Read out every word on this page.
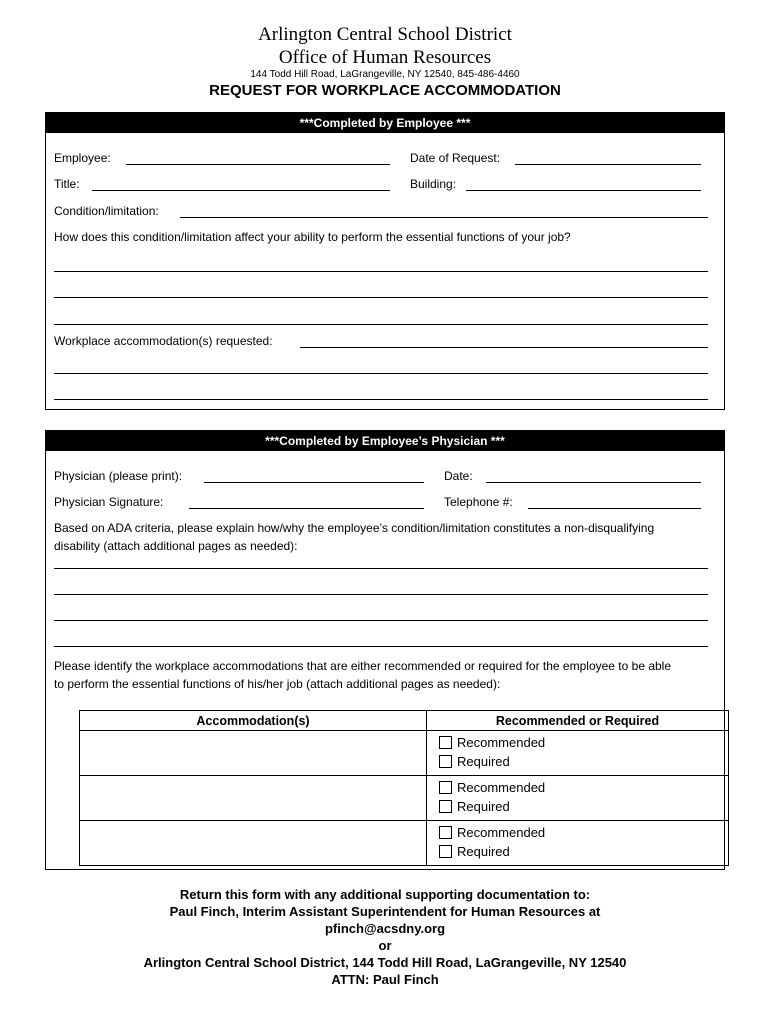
Arlington Central School District
Office of Human Resources
144 Todd Hill Road, LaGrangeville, NY 12540, 845-486-4460
REQUEST FOR WORKPLACE ACCOMMODATION
***Completed by Employee ***
Employee:	Date of Request:
Title:	Building:
Condition/limitation:
How does this condition/limitation affect your ability to perform the essential functions of your job?
Workplace accommodation(s) requested:
***Completed by Employee’s Physician ***
Physician (please print):	Date:
Physician Signature:	Telephone #:
Based on ADA criteria, please explain how/why the employee’s condition/limitation constitutes a non-disqualifying
disability (attach additional pages as needed):
Please identify the workplace accommodations that are either recommended or required for the employee to be able
to perform the essential functions of his/her job (attach additional pages as needed):
Accommodation(s)	Recommended or Required

	Recommended
Required

	Recommended
Required

	Recommended
Required
Return this form with any additional supporting documentation to:
Paul Finch, Interim Assistant Superintendent for Human Resources at
pfinch@acsdny.org
or
Arlington Central School District, 144 Todd Hill Road, LaGrangeville, NY 12540
ATTN: Paul Finch
